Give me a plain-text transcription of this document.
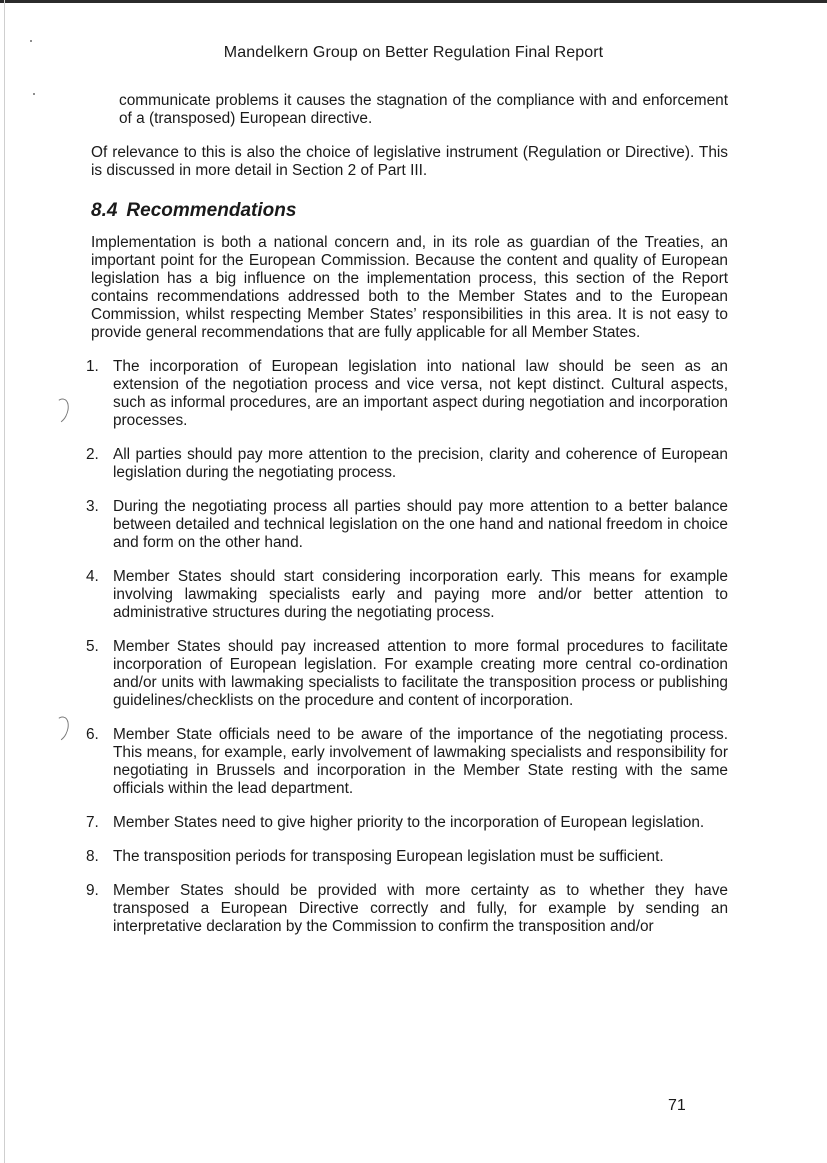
Mandelkern Group on Better Regulation Final Report

communicate problems it causes the stagnation of the compliance with and enforcement of a (transposed) European directive.

Of relevance to this is also the choice of legislative instrument (Regulation or Directive). This is discussed in more detail in Section 2 of Part III.

8.4 Recommendations

Implementation is both a national concern and, in its role as guardian of the Treaties, an important point for the European Commission. Because the content and quality of European legislation has a big influence on the implementation process, this section of the Report contains recommendations addressed both to the Member States and to the European Commission, whilst respecting Member States’ responsibilities in this area. It is not easy to provide general recommendations that are fully applicable for all Member States.

1. The incorporation of European legislation into national law should be seen as an extension of the negotiation process and vice versa, not kept distinct. Cultural aspects, such as informal procedures, are an important aspect during negotiation and incorporation processes.
2. All parties should pay more attention to the precision, clarity and coherence of European legislation during the negotiating process.
3. During the negotiating process all parties should pay more attention to a better balance between detailed and technical legislation on the one hand and national freedom in choice and form on the other hand.
4. Member States should start considering incorporation early. This means for example involving lawmaking specialists early and paying more and/or better attention to administrative structures during the negotiating process.
5. Member States should pay increased attention to more formal procedures to facilitate incorporation of European legislation. For example creating more central co-ordination and/or units with lawmaking specialists to facilitate the transposition process or publishing guidelines/checklists on the procedure and content of incorporation.
6. Member State officials need to be aware of the importance of the negotiating process. This means, for example, early involvement of lawmaking specialists and responsibility for negotiating in Brussels and incorporation in the Member State resting with the same officials within the lead department.
7. Member States need to give higher priority to the incorporation of European legislation.
8. The transposition periods for transposing European legislation must be sufficient.
9. Member States should be provided with more certainty as to whether they have transposed a European Directive correctly and fully, for example by sending an interpretative declaration by the Commission to confirm the transposition and/or
71
